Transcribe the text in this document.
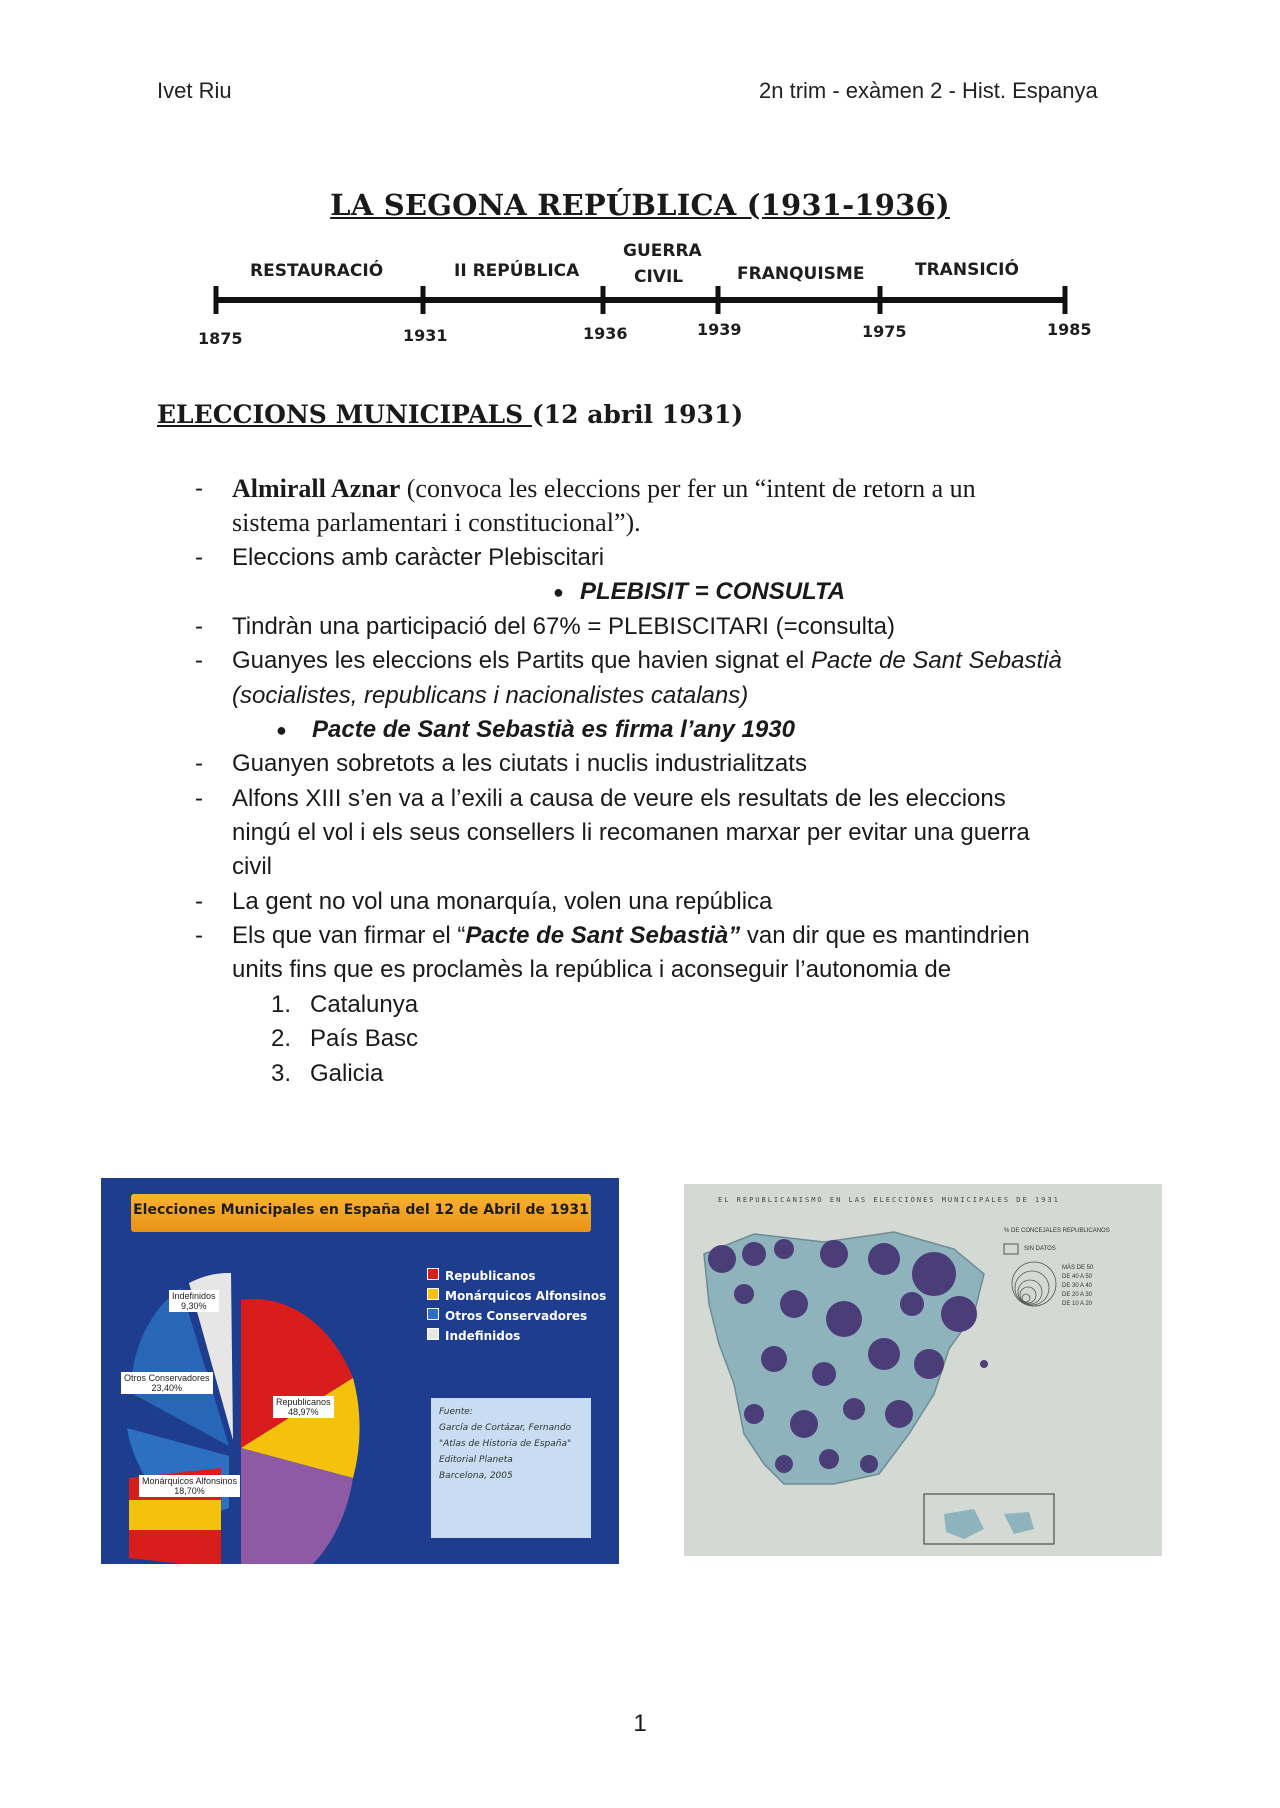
Ivet Riu	2n trim - exàmen 2 - Hist. Espanya
LA SEGONA REPÚBLICA (1931-1936)
RESTAURACIÓ	II REPÚBLICA
GUERRA
CIVIL	FRANQUISME	TRANSICIÓ
1875	1931	1936	1939	1975	1985
ELECCIONS MUNICIPALS (12 abril 1931)
- Almirall Aznar (convoca les eleccions per fer un “intent de retorn a un
sistema parlamentari i constitucional”).
- Eleccions amb caràcter Plebiscitari
● PLEBISIT = CONSULTA
- Tindràn una participació del 67% = PLEBISCITARI (=consulta)
- Guanyes les eleccions els Partits que havien signat el Pacte de Sant Sebastià
(socialistes, republicans i nacionalistes catalans)
● Pacte de Sant Sebastià es firma l’any 1930
- Guanyen sobretots a les ciutats i nuclis industrialitzats
- Alfons XIII s’en va a l’exili a causa de veure els resultats de les eleccions
ningú el vol i els seus consellers li recomanen marxar per evitar una guerra
civil
- La gent no vol una monarquía, volen una república
- Els que van firmar el “Pacte de Sant Sebastià” van dir que es mantindrien
units fins que es proclamès la república i aconseguir l’autonomia de
1. Catalunya
2. País Basc
3. Galicia
Elecciones Municipales en España del 12 de Abril de 1931
Indefinidos
9,30%
Otros Conservadores
23,40%
Republicanos
48,97%
Monárquicos Alfonsinos
18,70%
Republicanos
Monárquicos Alfonsinos
Otros Conservadores
Indefinidos
Fuente:
García de Cortázar, Fernando
"Atlas de Historia de España"
Editorial Planeta
Barcelona, 2005
EL REPUBLICANISMO EN LAS ELECCIONES MUNICIPALES DE 1931
% DE CONCEJALES REPUBLICANOS
SIN DATOS
MÁS DE 50
DE 40 A 50
DE 30 A 40
DE 20 A 30
DE 10 A 20
1
